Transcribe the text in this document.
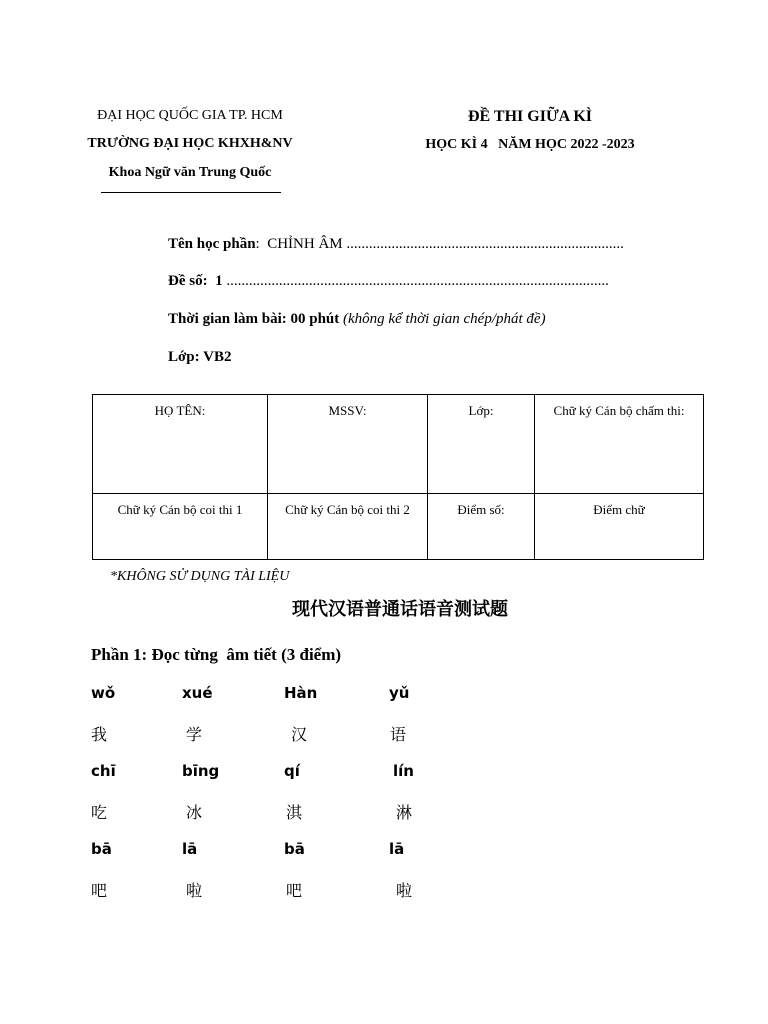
ĐẠI HỌC QUỐC GIA TP. HCM
TRƯỜNG ĐẠI HỌC KHXH&NV
Khoa Ngữ văn Trung Quốc
ĐỀ THI GIỮA KÌ
HỌC KÌ 4   NĂM HỌC 2022 -2023
Tên học phần:  CHỈNH ÂM ..........................................................................
Đề số: 1 ......................................................................................................
Thời gian làm bài: 00 phút (không kể thời gian chép/phát đề)
Lớp: VB2
HỌ TÊN:	MSSV:	Lớp:	Chữ ký Cán bộ chấm thi:
Chữ ký Cán bộ coi thi 1	Chữ ký Cán bộ coi thi 2	Điểm số:	Điểm chữ
*KHÔNG SỬ DỤNG TÀI LIỆU
现代汉语普通话语音测试题
Phần 1: Đọc từng  âm tiết (3 điểm)
wǒ	xué	Hàn	yǔ
我	学	汉	语
chī	bīng	qí	lín
吃	冰	淇	淋
bā	lā	bā	lā
吧	啦	吧	啦
